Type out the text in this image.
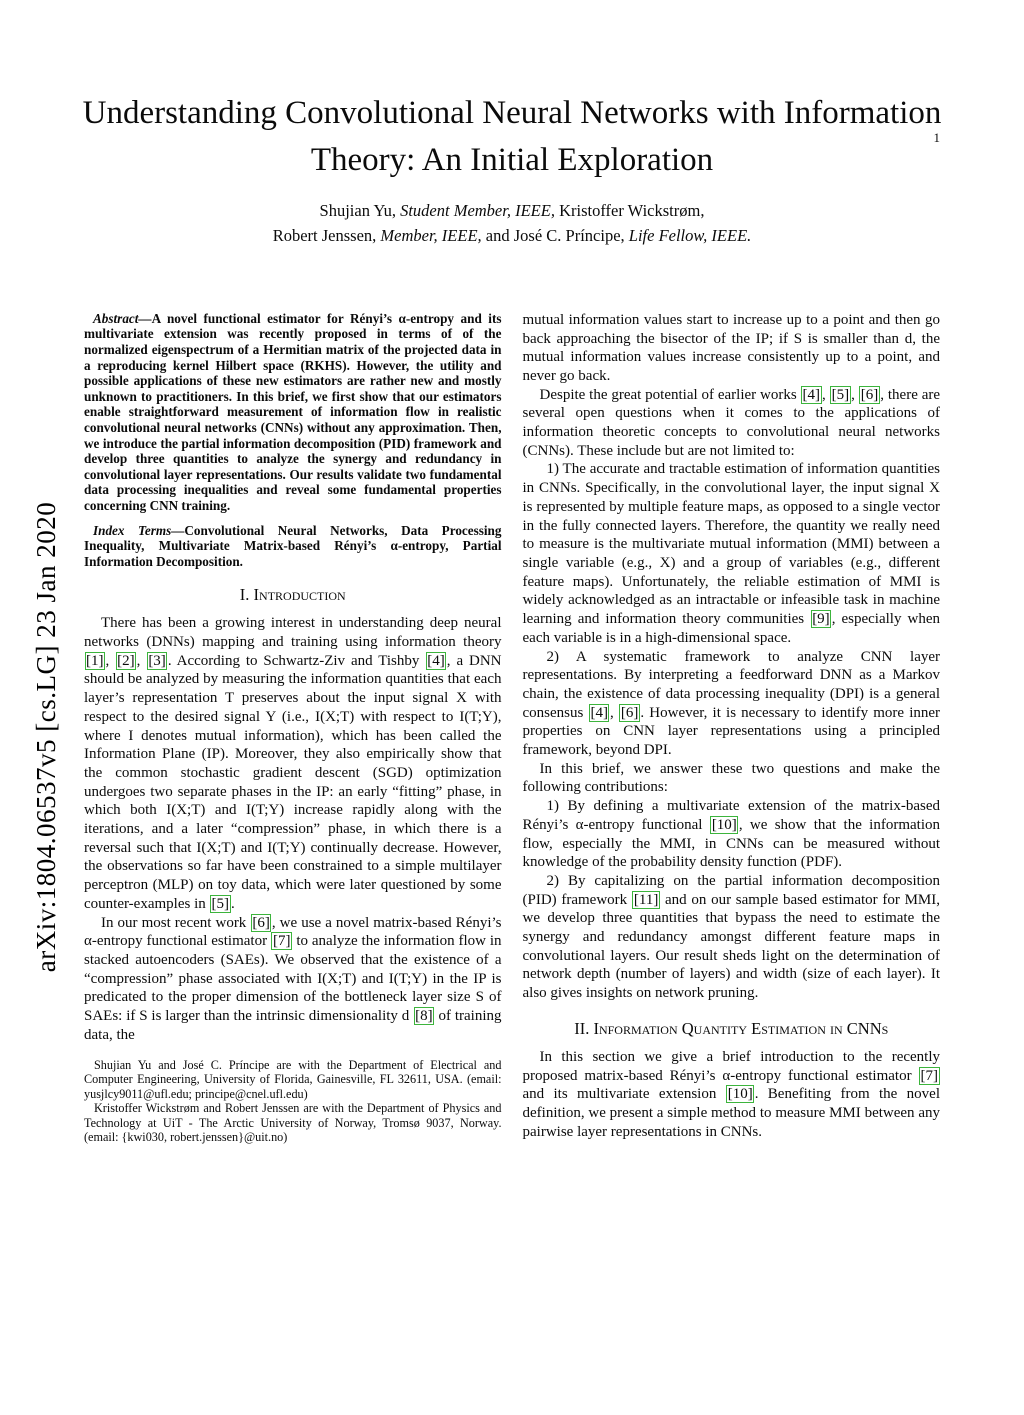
1
arXiv:1804.06537v5 [cs.LG] 23 Jan 2020
Understanding Convolutional Neural Networks with Information Theory: An Initial Exploration
Shujian Yu, Student Member, IEEE, Kristoffer Wickstrøm,
Robert Jenssen, Member, IEEE, and José C. Príncipe, Life Fellow, IEEE.

Abstract—A novel functional estimator for Rényi’s α-entropy and its multivariate extension was recently proposed in terms of of the normalized eigenspectrum of a Hermitian matrix of the projected data in a reproducing kernel Hilbert space (RKHS). However, the utility and possible applications of these new estimators are rather new and mostly unknown to practitioners. In this brief, we first show that our estimators enable straightforward measurement of information flow in realistic convolutional neural networks (CNNs) without any approximation. Then, we introduce the partial information decomposition (PID) framework and develop three quantities to analyze the synergy and redundancy in convolutional layer representations. Our results validate two fundamental data processing inequalities and reveal some fundamental properties concerning CNN training.

Index Terms—Convolutional Neural Networks, Data Processing Inequality, Multivariate Matrix-based Rényi’s α-entropy, Partial Information Decomposition.

I. Introduction

There has been a growing interest in understanding deep neural networks (DNNs) mapping and training using information theory [1] , [2] , [3] . According to Schwartz-Ziv and Tishby [4] , a DNN should be analyzed by measuring the information quantities that each layer’s representation T preserves about the input signal X with respect to the desired signal Y (i.e., I(X;T) with respect to I(T;Y), where I denotes mutual information), which has been called the Information Plane (IP). Moreover, they also empirically show that the common stochastic gradient descent (SGD) optimization undergoes two separate phases in the IP: an early “fitting” phase, in which both I(X;T) and I(T;Y) increase rapidly along with the iterations, and a later “compression” phase, in which there is a reversal such that I(X;T) and I(T;Y) continually decrease. However, the observations so far have been constrained to a simple multilayer perceptron (MLP) on toy data, which were later questioned by some counter-examples in [5] .

In our most recent work [6] , we use a novel matrix-based Rényi’s α-entropy functional estimator [7] to analyze the information flow in stacked autoencoders (SAEs). We observed that the existence of a “compression” phase associated with I(X;T) and I(T;Y) in the IP is predicated to the proper dimension of the bottleneck layer size S of SAEs: if S is larger than the intrinsic dimensionality d [8] of training data, the

Shujian Yu and José C. Príncipe are with the Department of Electrical and Computer Engineering, University of Florida, Gainesville, FL 32611, USA. (email: yusjlcy9011@ufl.edu; principe@cnel.ufl.edu)

Kristoffer Wickstrøm and Robert Jenssen are with the Department of Physics and Technology at UiT - The Arctic University of Norway, Tromsø 9037, Norway. (email: {kwi030, robert.jenssen}@uit.no)

mutual information values start to increase up to a point and then go back approaching the bisector of the IP; if S is smaller than d, the mutual information values increase consistently up to a point, and never go back.

Despite the great potential of earlier works [4] , [5] , [6] , there are several open questions when it comes to the applications of information theoretic concepts to convolutional neural networks (CNNs). These include but are not limited to:

1) The accurate and tractable estimation of information quantities in CNNs. Specifically, in the convolutional layer, the input signal X is represented by multiple feature maps, as opposed to a single vector in the fully connected layers. Therefore, the quantity we really need to measure is the multivariate mutual information (MMI) between a single variable (e.g., X) and a group of variables (e.g., different feature maps). Unfortunately, the reliable estimation of MMI is widely acknowledged as an intractable or infeasible task in machine learning and information theory communities [9] , especially when each variable is in a high-dimensional space.

2) A systematic framework to analyze CNN layer representations. By interpreting a feedforward DNN as a Markov chain, the existence of data processing inequality (DPI) is a general consensus [4] , [6] . However, it is necessary to identify more inner properties on CNN layer representations using a principled framework, beyond DPI.

In this brief, we answer these two questions and make the following contributions:

1) By defining a multivariate extension of the matrix-based Rényi’s α-entropy functional [10] , we show that the information flow, especially the MMI, in CNNs can be measured without knowledge of the probability density function (PDF).

2) By capitalizing on the partial information decomposition (PID) framework [11] and on our sample based estimator for MMI, we develop three quantities that bypass the need to estimate the synergy and redundancy amongst different feature maps in convolutional layers. Our result sheds light on the determination of network depth (number of layers) and width (size of each layer). It also gives insights on network pruning.

II. Information Quantity Estimation in CNNs

In this section we give a brief introduction to the recently proposed matrix-based Rényi’s α-entropy functional estimator [7] and its multivariate extension [10] . Benefiting from the novel definition, we present a simple method to measure MMI between any pairwise layer representations in CNNs.
